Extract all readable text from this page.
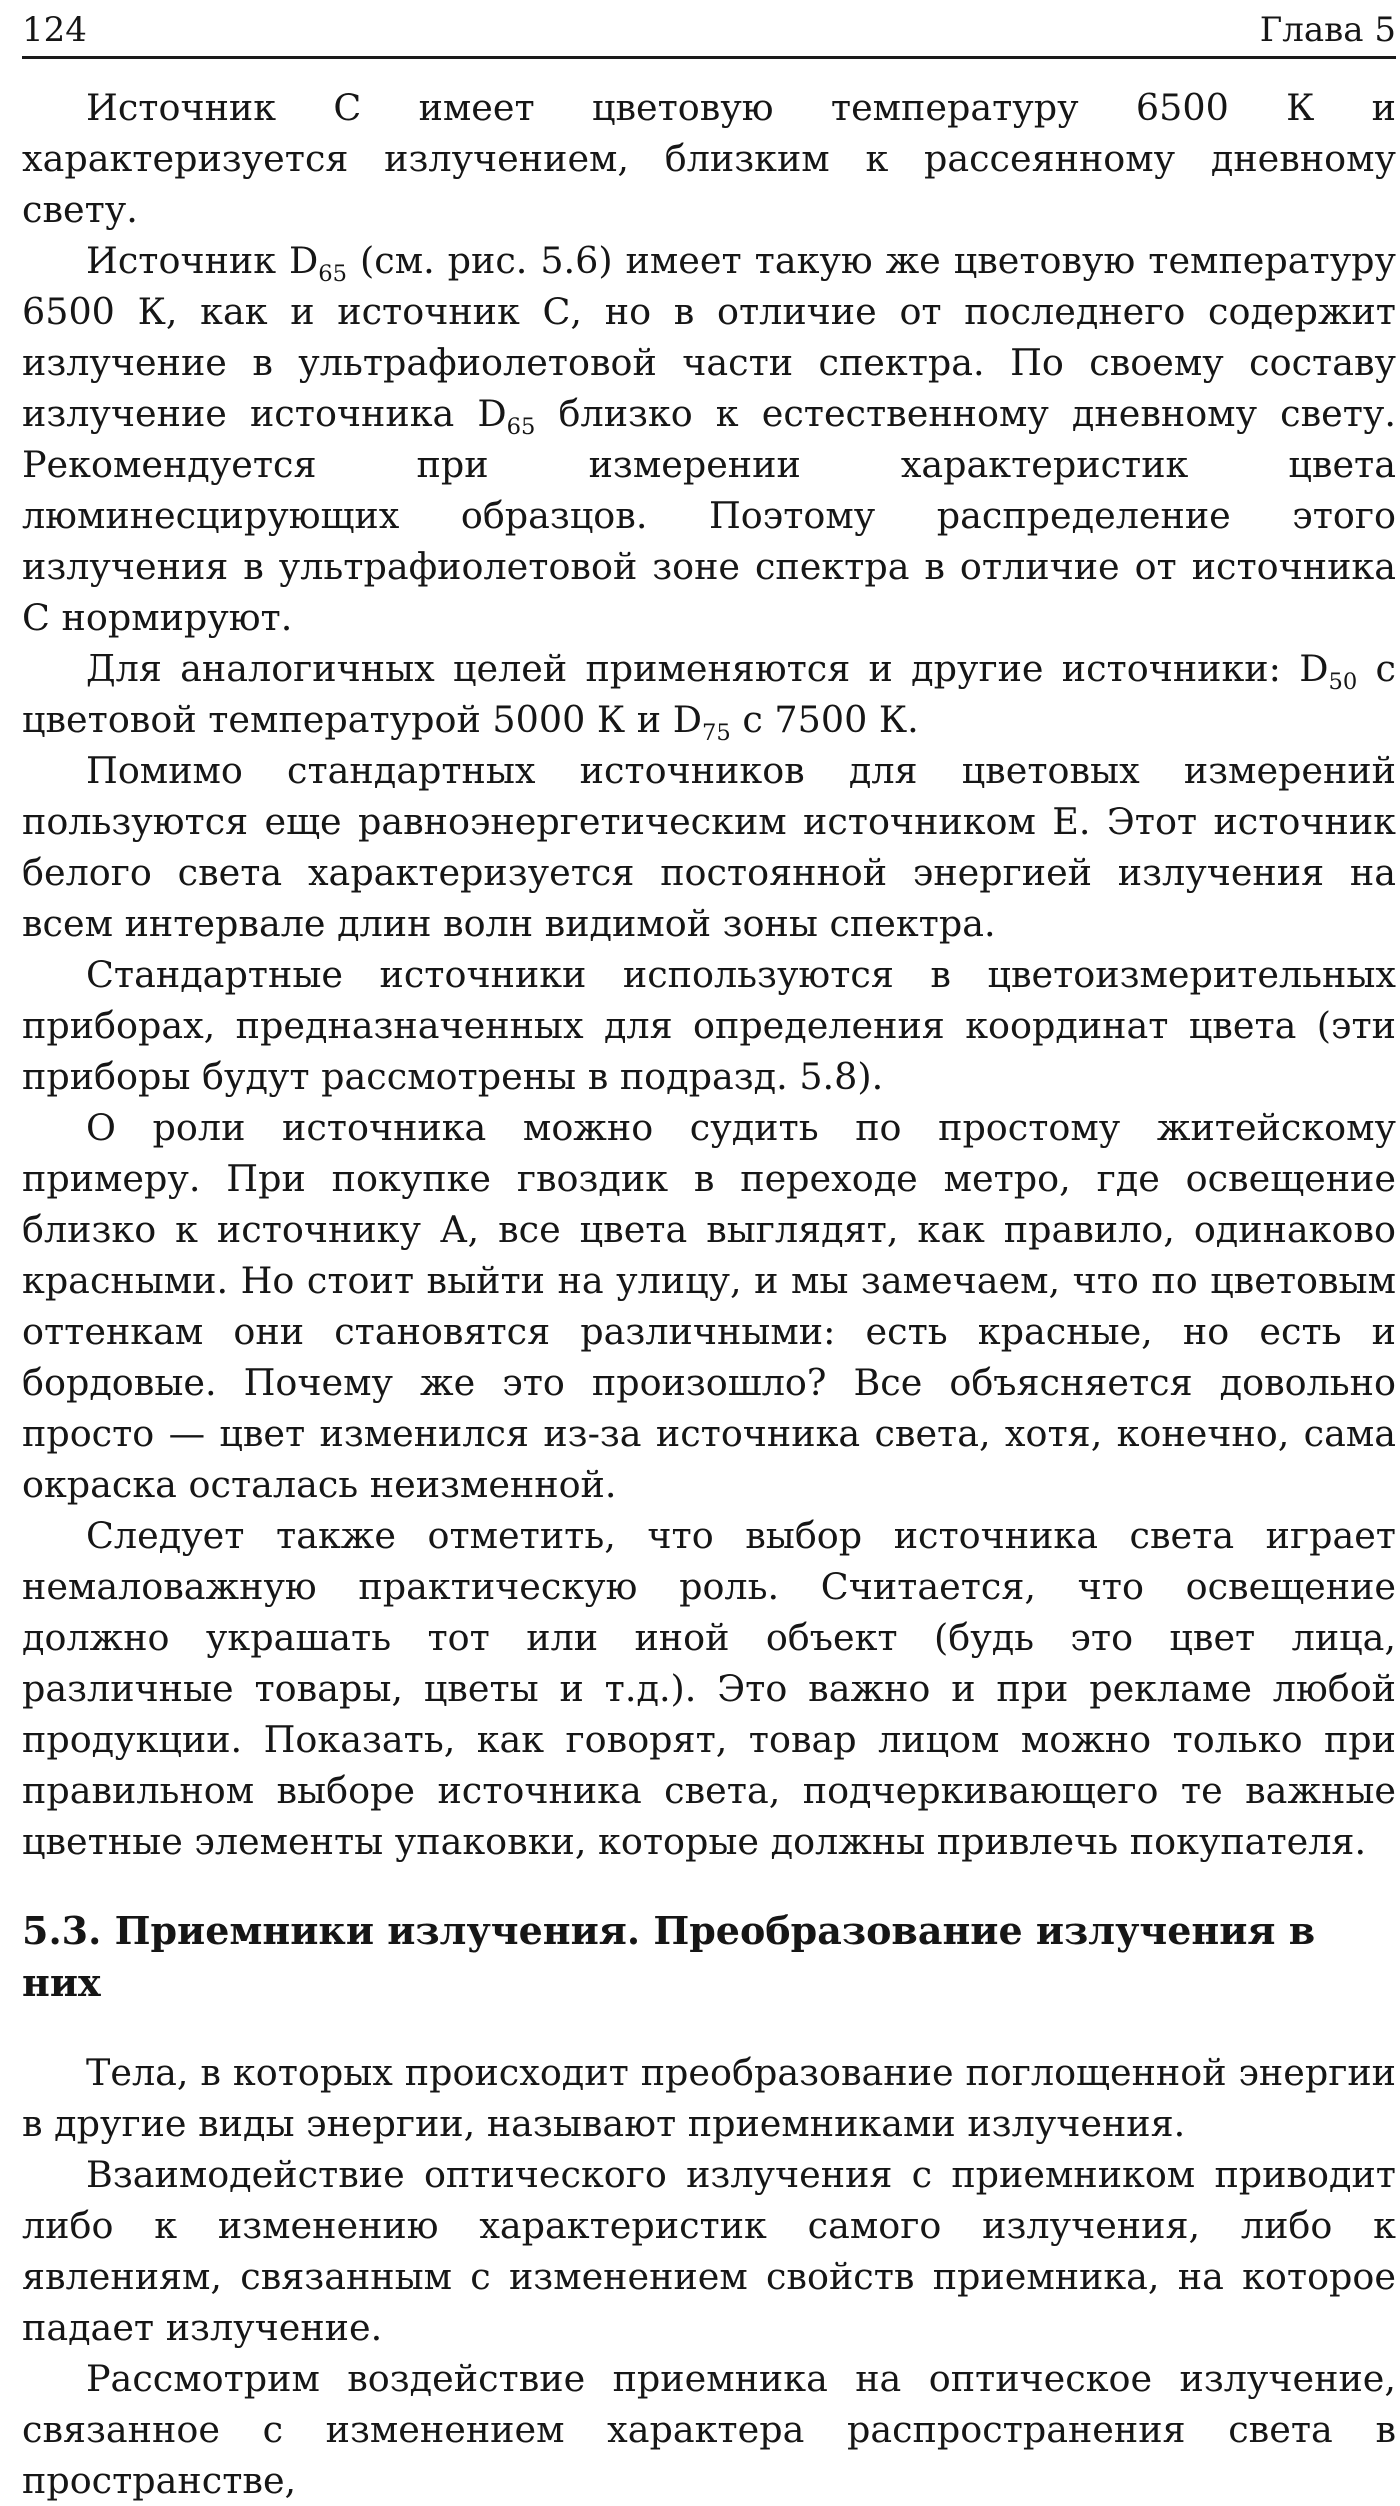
124	Глава 5

Источник С имеет цветовую температуру 6500 К и характеризуется излучением, близким к рассеянному дневному свету.

Источник $D_{65}$ (см. рис. 5.6) имеет такую же цветовую температуру 6500 К, как и источник С, но в отличие от последнего содержит излучение в ультрафиолетовой части спектра. По своему составу излучение источника $D_{65}$ близко к естественному дневному свету. Рекомендуется при измерении характеристик цвета люминесцирующих образцов. Поэтому распределение этого излучения в ультрафиолетовой зоне спектра в отличие от источника С нормируют.

Для аналогичных целей применяются и другие источники: $D_{50}$ с цветовой температурой 5000 К и $D_{75}$ с 7500 К.

Помимо стандартных источников для цветовых измерений пользуются еще равноэнергетическим источником Е. Этот источник белого света характеризуется постоянной энергией излучения на всем интервале длин волн видимой зоны спектра.

Стандартные источники используются в цветоизмерительных приборах, предназначенных для определения координат цвета (эти приборы будут рассмотрены в подразд. 5.8).

О роли источника можно судить по простому житейскому примеру. При покупке гвоздик в переходе метро, где освещение близко к источнику А, все цвета выглядят, как правило, одинаково красными. Но стоит выйти на улицу, и мы замечаем, что по цветовым оттенкам они становятся различными: есть красные, но есть и бордовые. Почему же это произошло? Все объясняется довольно просто — цвет изменился из-за источника света, хотя, конечно, сама окраска осталась неизменной.

Следует также отметить, что выбор источника света играет немаловажную практическую роль. Считается, что освещение должно украшать тот или иной объект (будь это цвет лица, различные товары, цветы и т.д.). Это важно и при рекламе любой продукции. Показать, как говорят, товар лицом можно только при правильном выборе источника света, подчеркивающего те важные цветные элементы упаковки, которые должны привлечь покупателя.

5.3. Приемники излучения. Преобразование излучения в них

Тела, в которых происходит преобразование поглощенной энергии в другие виды энергии, называют приемниками излучения.

Взаимодействие оптического излучения с приемником приводит либо к изменению характеристик самого излучения, либо к явлениям, связанным с изменением свойств приемника, на которое падает излучение.

Рассмотрим воздействие приемника на оптическое излучение, связанное с изменением характера распространения света в пространстве,
